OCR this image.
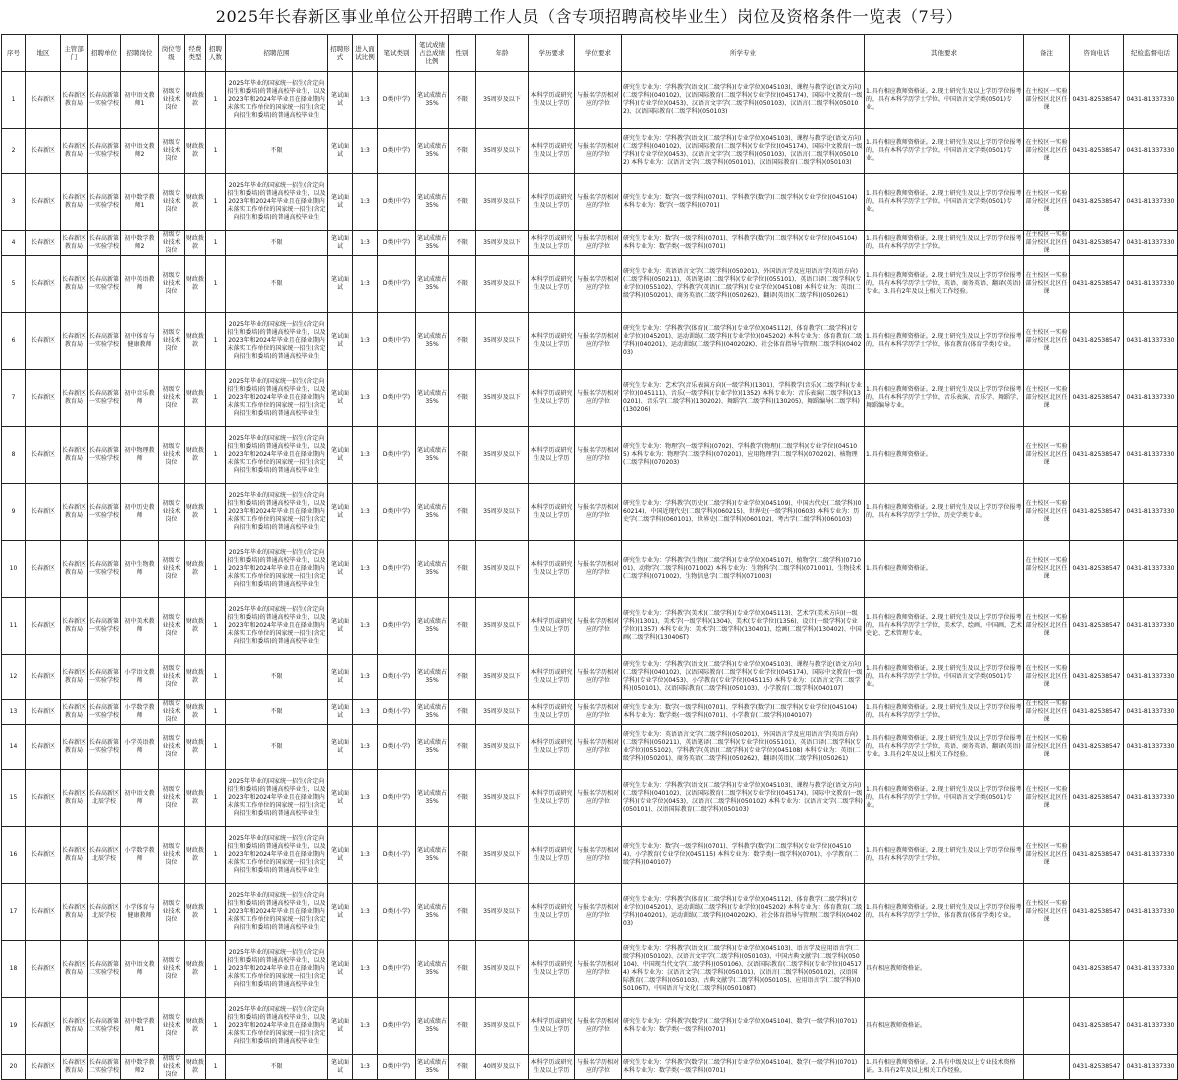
2025年长春新区事业单位公开招聘工作人员（含专项招聘高校毕业生）岗位及资格条件一览表（7号）
序号	地区	主管部门	招聘单位	招聘岗位	岗位等级	经费类型	招聘人数	招聘范围	招聘形式	进入面试比例	笔试类别	笔试成绩占总成绩比例	性别	年龄	学历要求	学位要求	所学专业	其他要求	备注	咨询电话	纪检监督电话
1	长春新区	长春新区教育局	长春高新第一实验学校	初中语文教师1	初级专业技术岗位	财政拨款	1	2025年毕业的国家统一招生(含定向招生和委培)的普通高校毕业生，以及2023年和2024年毕业且在择业期内未落实工作单位的国家统一招生(含定向招生和委培)的普通高校毕业生	笔试面试	1:3	D类(中学)	笔试成绩占35%	不限	35周岁及以下	本科学历或研究生及以上学历	与报名学历相对应的学位	研究生专业为：学科教学(语文)(二级学科)(专业学位)(045103)、课程与教学论(语文方向)(二级学科)(040102)、汉语国际教育(二级学科)(专业学位)(045174)、国际中文教育(一级学科)(专业学位)(0453)、汉语言文字学(二级学科)(050103)、汉语言(二级学科)(050102)、汉语国际教育(二级学科)(050103)	1.具有相应教师资格证。2.现士研究生及以上学历学位报考的，具有本科学历学士学位。中国语言文学类(0501)专业。	在主校区一实验部分校区北区任课	0431-82538547	0431-81337330
2	长春新区	长春新区教育局	长春高新第一实验学校	初中语文教师2	初级专业技术岗位	财政拨款	1	不限	笔试面试	1:3	D类(中学)	笔试成绩占35%	不限	35周岁及以下	本科学历或研究生及以上学历	与报名学历相对应的学位	研究生专业为：学科教学(语文)(二级学科)(专业学位)(045103)、课程与教学论(语文方向)(二级学科)(040102)、汉语国际教育(二级学科)(专业学位)(045174)、国际中文教育(一级学科)(专业学位)(0453)、汉语言文字学(二级学科)(050103)、汉语言(二级学科)(050102) 本科专业为：汉语言文学(二级学科)(050101)、汉语国际教育(二级学科)(050103)	1.具有相应教师资格证。2.现士研究生及以上学历学位报考的，具有本科学历学士学位。中国语言文学类(0501)专业。	在主校区一实验部分校区北区任课	0431-82538547	0431-81337330
3	长春新区	长春新区教育局	长春高新第一实验学校	初中数学教师1	初级专业技术岗位	财政拨款	1	2025年毕业的国家统一招生(含定向招生和委培)的普通高校毕业生，以及2023年和2024年毕业且在择业期内未落实工作单位的国家统一招生(含定向招生和委培)的普通高校毕业生	笔试面试	1:3	D类(中学)	笔试成绩占35%	不限	35周岁及以下	本科学历或研究生及以上学历	与报名学历相对应的学位	研究生专业为：数学(一级学科)(0701)、学科教学(数学)(二级学科)(专业学位)(045104) 本科专业为：数学(一级学科)(0701)	1.具有相应教师资格证。2.现士研究生及以上学历学位报考的，具有本科学历学士学位。中国语言文学类(0501)专业。	在主校区一实验部分校区北区任课	0431-82538547	0431-81337330
4	长春新区	长春新区教育局	长春高新第一实验学校	初中数学教师2	初级专业技术岗位	财政拨款	1	不限	笔试面试	1:3	D类(中学)	笔试成绩占35%	不限	35周岁及以下	本科学历或研究生及以上学历	与报名学历相对应的学位	研究生专业为：数学(一级学科)(0701)、学科教学(数学)(二级学科)(专业学位)(045104) 本科专业为：数学类(一级学科)(0701)	1.具有相应教师资格证。2.现士研究生及以上学历学位报考的，具有本科学历学士学位。	在主校区一实验部分校区北区任课	0431-82538547	0431-81337330
5	长春新区	长春新区教育局	长春高新第一实验学校	初中英语教师	初级专业技术岗位	财政拨款	1	不限	笔试面试	1:3	D类(中学)	笔试成绩占35%	不限	35周岁及以下	本科学历或研究生及以上学历	与报名学历相对应的学位	研究生专业为：英语语言文学(二级学科)(050201)、外国语言学及应用语言学(英语方向)(二级学科)(050211)、英语笔译(二级学科)(专业学位)(055101)、英语口译(二级学科)(专业学位)(055102)、学科教学(英语)(二级学科)(专业学位)(045108) 本科专业为：英语(二级学科)(050201)、商务英语(二级学科)(050262)、翻译(英语)(二级学科)(050261)	1.具有相应教师资格证。2.现士研究生及以上学历学位报考的，具有本科学历学士学位，英语、商务英语、翻译(英语)专业。3.具有2年及以上相关工作经验。	在主校区一实验部分校区北区任课	0431-82538547	0431-81337330
6	长春新区	长春新区教育局	长春高新第一实验学校	初中体育与健康教师	初级专业技术岗位	财政拨款	1	2025年毕业的国家统一招生(含定向招生和委培)的普通高校毕业生，以及2023年和2024年毕业且在择业期内未落实工作单位的国家统一招生(含定向招生和委培)的普通高校毕业生	笔试面试	1:3	D类(中学)	笔试成绩占35%	不限	35周岁及以下	本科学历或研究生及以上学历	与报名学历相对应的学位	研究生专业为：学科教学(体育)(二级学科)(专业学位)(045112)、体育教学(二级学科)(专业学位)(045201)、运动训练(二级学科)(专业学位)(045202) 本科专业为：体育教育(二级学科)(040201)、运动训练(二级学科)(040202K)、社会体育指导与管理(二级学科)(040203)	1.具有相应教师资格证。2.现士研究生及以上学历学位报考的，具有本科学历学士学位，体育教育(体育学类)专业。	在主校区一实验部分校区北区任课	0431-82538547	0431-81337330
7	长春新区	长春新区教育局	长春高新第一实验学校	初中音乐教师	初级专业技术岗位	财政拨款	1	2025年毕业的国家统一招生(含定向招生和委培)的普通高校毕业生，以及2023年和2024年毕业且在择业期内未落实工作单位的国家统一招生(含定向招生和委培)的普通高校毕业生	笔试面试	1:3	D类(中学)	笔试成绩占35%	不限	35周岁及以下	本科学历或研究生及以上学历	与报名学历相对应的学位	研究生专业为：艺术学(音乐表演方向)(一级学科)(1301)、学科教学(音乐)(二级学科)(专业学位)(045111)、音乐(一级学科)(专业学位)(1352) 本科专业为：音乐表演(二级学科)(130201)、音乐学(二级学科)(130202)、舞蹈学(二级学科)(130205)、舞蹈编导(二级学科)(130206)	1.具有相应教师资格证。2.现士研究生及以上学历学位报考的，具有本科学历学士学位，音乐表演、音乐学、舞蹈学、舞蹈编导专业。	在主校区一实验部分校区北区任课	0431-82538547	0431-81337330
8	长春新区	长春新区教育局	长春高新第一实验学校	初中物理教师	初级专业技术岗位	财政拨款	1	2025年毕业的国家统一招生(含定向招生和委培)的普通高校毕业生，以及2023年和2024年毕业且在择业期内未落实工作单位的国家统一招生(含定向招生和委培)的普通高校毕业生	笔试面试	1:3	D类(中学)	笔试成绩占35%	不限	35周岁及以下	本科学历或研究生及以上学历	与报名学历相对应的学位	研究生专业为：物理学(一级学科)(0702)、学科教学(物理)(二级学科)(专业学位)(045105) 本科专业为：物理学(二级学科)(070201)、应用物理学(二级学科)(070202)、核物理(二级学科)(070203)	1.具有相应教师资格证。	在主校区一实验部分校区北区任课	0431-82538547	0431-81337330
9	长春新区	长春新区教育局	长春高新第一实验学校	初中历史教师	初级专业技术岗位	财政拨款	1	2025年毕业的国家统一招生(含定向招生和委培)的普通高校毕业生，以及2023年和2024年毕业且在择业期内未落实工作单位的国家统一招生(含定向招生和委培)的普通高校毕业生	笔试面试	1:3	D类(中学)	笔试成绩占35%	不限	35周岁及以下	本科学历或研究生及以上学历	与报名学历相对应的学位	研究生专业为：学科教学(历史)(二级学科)(专业学位)(045109)、中国古代史(二级学科)(060214)、中国近现代史(二级学科)(060215)、世界史(一级学科)(0603) 本科专业为：历史学(二级学科)(060101)、世界史(二级学科)(060102)、考古学(二级学科)(060103)	1.具有相应教师资格证。2.现士研究生及以上学历学位报考的，具有本科学历学士学位，历史学类专业。	在主校区一实验部分校区北区任课	0431-82538547	0431-81337330
10	长春新区	长春新区教育局	长春高新第一实验学校	初中生物教师	初级专业技术岗位	财政拨款	1	2025年毕业的国家统一招生(含定向招生和委培)的普通高校毕业生，以及2023年和2024年毕业且在择业期内未落实工作单位的国家统一招生(含定向招生和委培)的普通高校毕业生	笔试面试	1:3	D类(中学)	笔试成绩占35%	不限	35周岁及以下	本科学历或研究生及以上学历	与报名学历相对应的学位	研究生专业为：学科教学(生物)(二级学科)(专业学位)(045107)、植物学(二级学科)(071001)、动物学(二级学科)(071002) 本科专业为：生物科学(二级学科)(071001)、生物技术(二级学科)(071002)、生物信息学(二级学科)(071003)	1.具有相应教师资格证。	在主校区一实验部分校区北区任课	0431-82538547	0431-81337330
11	长春新区	长春新区教育局	长春高新第一实验学校	初中美术教师	初级专业技术岗位	财政拨款	1	2025年毕业的国家统一招生(含定向招生和委培)的普通高校毕业生，以及2023年和2024年毕业且在择业期内未落实工作单位的国家统一招生(含定向招生和委培)的普通高校毕业生	笔试面试	1:3	D类(中学)	笔试成绩占35%	不限	35周岁及以下	本科学历或研究生及以上学历	与报名学历相对应的学位	研究生专业为：学科教学(美术)(二级学科)(专业学位)(045113)、艺术学(美术方向)(一级学科)(1301)、美术学(一级学科)(1304)、美术(专业学位)(1356)、设计(一级学科)(专业学位)(1357) 本科专业为：美术学(二级学科)(130401)、绘画(二级学科)(130402)、中国画(二级学科)(130406T)	1.具有相应教师资格证。2.现士研究生及以上学历学位报考的，具有本科学历学士学位，美术学、绘画、中国画、艺术史论、艺术管理专业。	在主校区一实验部分校区北区任课	0431-82538547	0431-81337330
12	长春新区	长春新区教育局	长春高新第一实验学校	小学语文教师	初级专业技术岗位	财政拨款	1	不限	笔试面试	1:3	D类(小学)	笔试成绩占35%	不限	35周岁及以下	本科学历或研究生及以上学历	与报名学历相对应的学位	研究生专业为：学科教学(语文)(二级学科)(专业学位)(045103)、课程与教学论(语文方向)(二级学科)(040102)、汉语国际教育(二级学科)(专业学位)(045174)、国际中文教育(一级学科)(专业学位)(0453)、小学教育(专业学位)(045115) 本科专业为：汉语言文学(二级学科)(050101)、汉语国际教育(二级学科)(050103)、小学教育(二级学科)(040107)	1.具有相应教师资格证。2.现士研究生及以上学历学位报考的，具有本科学历学士学位。中国语言文学类(0501)专业。	在主校区一实验部分校区北区任课	0431-82538547	0431-81337330
13	长春新区	长春新区教育局	长春高新第一实验学校	小学数学教师	初级专业技术岗位	财政拨款	1	不限	笔试面试	1:3	D类(小学)	笔试成绩占35%	不限	35周岁及以下	本科学历或研究生及以上学历	与报名学历相对应的学位	研究生专业为：数学(一级学科)(0701)、学科教学(数学)(二级学科)(专业学位)(045104) 本科专业为：数学类(一级学科)(0701)、小学教育(二级学科)(040107)	1.具有相应教师资格证。2.现士研究生及以上学历学位报考的，具有本科学历学士学位。	在主校区一实验部分校区北区任课	0431-82538547	0431-81337330
14	长春新区	长春新区教育局	长春高新第一实验学校	小学英语教师	初级专业技术岗位	财政拨款	1	不限	笔试面试	1:3	D类(小学)	笔试成绩占35%	不限	35周岁及以下	本科学历或研究生及以上学历	与报名学历相对应的学位	研究生专业为：英语语言文学(二级学科)(050201)、外国语言学及应用语言学(英语方向)(二级学科)(050211)、英语笔译(二级学科)(专业学位)(055101)、英语口译(二级学科)(专业学位)(055102)、学科教学(英语)(二级学科)(专业学位)(045108) 本科专业为：英语(二级学科)(050201)、商务英语(二级学科)(050262)、翻译(英语)(二级学科)(050261)	1.具有相应教师资格证。2.现士研究生及以上学历学位报考的，具有本科学历学士学位，英语、商务英语、翻译(英语)专业。3.具有2年及以上相关工作经验。	在主校区一实验部分校区北区任课	0431-82538547	0431-81337330
15	长春新区	长春新区教育局	长春高新区北辰学校	初中语文教师	初级专业技术岗位	财政拨款	1	2025年毕业的国家统一招生(含定向招生和委培)的普通高校毕业生，以及2023年和2024年毕业且在择业期内未落实工作单位的国家统一招生(含定向招生和委培)的普通高校毕业生	笔试面试	1:3	D类(中学)	笔试成绩占35%	不限	35周岁及以下	本科学历或研究生及以上学历	与报名学历相对应的学位	研究生专业为：学科教学(语文)(二级学科)(专业学位)(045103)、课程与教学论(语文方向)(二级学科)(040102)、汉语国际教育(二级学科)(专业学位)(045174)、国际中文教育(一级学科)(专业学位)(0453)、汉语言(二级学科)(050102) 本科专业为：汉语言文学(二级学科)(050101)、汉语国际教育(二级学科)(050103)	1.具有相应教师资格证。2.现士研究生及以上学历学位报考的，具有本科学历学士学位。中国语言文学类(0501)专业。	在主校区一实验部分校区北区任课	0431-82538547	0431-81337330
16	长春新区	长春新区教育局	长春高新区北辰学校	小学数学教师	初级专业技术岗位	财政拨款	1	2025年毕业的国家统一招生(含定向招生和委培)的普通高校毕业生，以及2023年和2024年毕业且在择业期内未落实工作单位的国家统一招生(含定向招生和委培)的普通高校毕业生	笔试面试	1:3	D类(小学)	笔试成绩占35%	不限	35周岁及以下	本科学历或研究生及以上学历	与报名学历相对应的学位	研究生专业为：数学(一级学科)(0701)、学科教学(数学)(二级学科)(专业学位)(045104)、小学教育(专业学位)(045115) 本科专业为：数学类(一级学科)(0701)、小学教育(二级学科)(040107)	1.具有相应教师资格证。2.现士研究生及以上学历学位报考的，具有本科学历学士学位。	在主校区一实验部分校区北区任课	0431-82538547	0431-81337330
17	长春新区	长春新区教育局	长春高新区北辰学校	小学体育与健康教师	初级专业技术岗位	财政拨款	1	2025年毕业的国家统一招生(含定向招生和委培)的普通高校毕业生，以及2023年和2024年毕业且在择业期内未落实工作单位的国家统一招生(含定向招生和委培)的普通高校毕业生	笔试面试	1:3	D类(小学)	笔试成绩占35%	不限	35周岁及以下	本科学历或研究生及以上学历	与报名学历相对应的学位	研究生专业为：学科教学(体育)(二级学科)(专业学位)(045112)、体育教学(二级学科)(专业学位)(045201)、运动训练(二级学科)(专业学位)(045202) 本科专业为：体育教育(二级学科)(040201)、运动训练(二级学科)(040202K)、社会体育指导与管理(二级学科)(040203)	1.具有相应教师资格证。2.现士研究生及以上学历学位报考的，具有本科学历学士学位，体育教育(体育学类)专业。	在主校区一实验部分校区北区任课	0431-82538547	0431-81337330
18	长春新区	长春新区教育局	长春高新第二实验学校	初中语文教师	初级专业技术岗位	财政拨款	1	2025年毕业的国家统一招生(含定向招生和委培)的普通高校毕业生，以及2023年和2024年毕业且在择业期内未落实工作单位的国家统一招生(含定向招生和委培)的普通高校毕业生	笔试面试	1:3	D类(中学)	笔试成绩占35%	不限	35周岁及以下	本科学历或研究生及以上学历	与报名学历相对应的学位	研究生专业为：学科教学(语文)(二级学科)(专业学位)(045103)、语言学及应用语言学(二级学科)(050102)、汉语言文字学(二级学科)(050103)、中国古典文献学(二级学科)(050104)、中国现当代文学(二级学科)(050106)、汉语国际教育(二级学科)(专业学位)(045174) 本科专业为：汉语言文学(二级学科)(050101)、汉语言(二级学科)(050102)、汉语国际教育(二级学科)(050103)、古典文献学(二级学科)(050105)、应用语言学(二级学科)(050106T)、中国语言与文化(二级学科)(050108T)	具有相应教师资格证。		0431-82538547	0431-81337330
19	长春新区	长春新区教育局	长春高新第二实验学校	初中数学教师1	初级专业技术岗位	财政拨款	1	2025年毕业的国家统一招生(含定向招生和委培)的普通高校毕业生，以及2023年和2024年毕业且在择业期内未落实工作单位的国家统一招生(含定向招生和委培)的普通高校毕业生	笔试面试	1:3	D类(中学)	笔试成绩占35%	不限	35周岁及以下	本科学历或研究生及以上学历	与报名学历相对应的学位	研究生专业为：学科教学(数学)(二级学科)(专业学位)(045104)、数学(一级学科)(0701) 本科专业为：数学类(一级学科)(0701)	具有相应教师资格证。		0431-82538547	0431-81337330
20	长春新区	长春新区教育局	长春高新第二实验学校	初中数学教师2	初级专业技术岗位	财政拨款	1	不限	笔试面试	1:3	D类(中学)	笔试成绩占35%	不限	40周岁及以下	本科学历或研究生及以上学历	与报名学历相对应的学位	研究生专业为：学科教学(数学)(二级学科)(专业学位)(045104)、数学(一级学科)(0701) 本科专业为：数学类(一级学科)(0701)	1.具有相应教师资格证。2.具有中级及以上专业技术资格证。3.具有2年及以上相关工作经验。		0431-82538547	0431-81337330
